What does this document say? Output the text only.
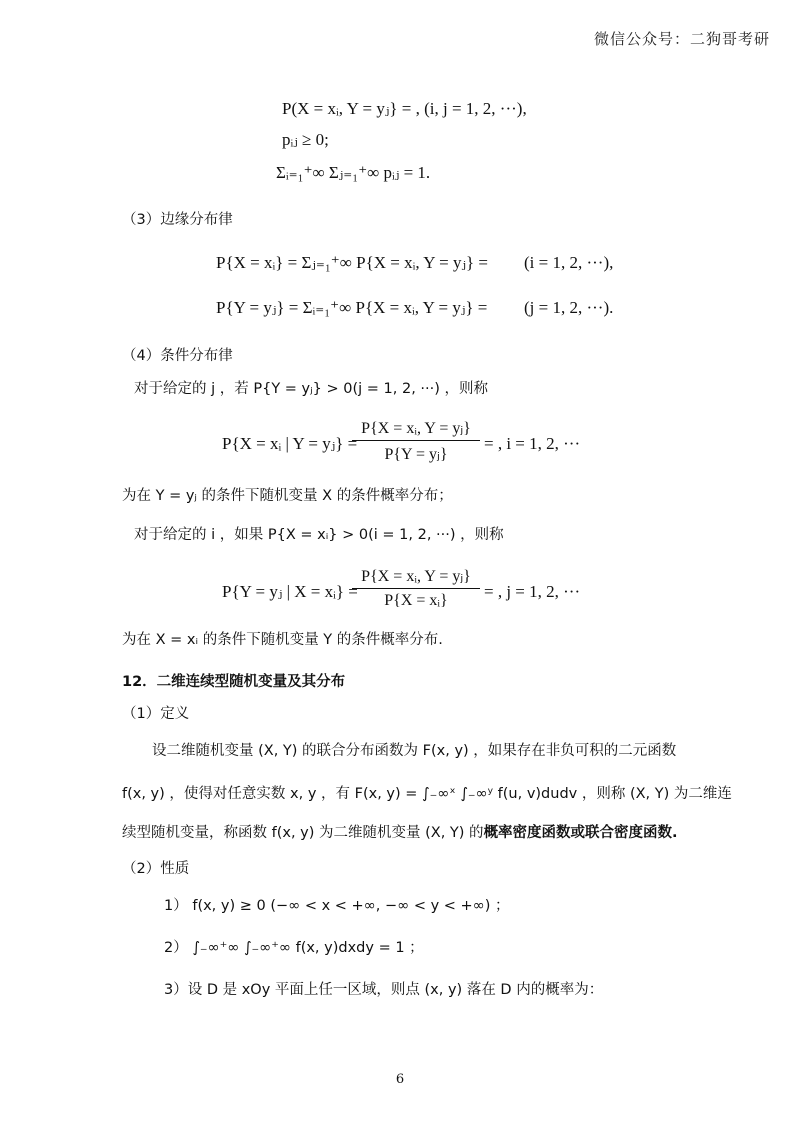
微信公众号：二狗哥考研
P(X = xᵢ, Y = yⱼ} = , (i, j = 1, 2, ···),
pᵢⱼ ≥ 0;
Σᵢ₌₁⁺∞ Σⱼ₌₁⁺∞ pᵢⱼ = 1.
（3）边缘分布律
P{X = xᵢ} = Σⱼ₌₁⁺∞ P{X = xᵢ, Y = yⱼ} = (i = 1, 2, ···),
P{Y = yⱼ} = Σᵢ₌₁⁺∞ P{X = xᵢ, Y = yⱼ} = (j = 1, 2, ···).
（4）条件分布律
对于给定的 j ，若 P{Y = yⱼ} > 0(j = 1, 2, ···) ，则称
P{X = xᵢ | Y = yⱼ} =
$\frac{\text{P\{X = xᵢ, Y = yⱼ\}}}{\text{P\{Y = yⱼ\}}}$ = , i = 1, 2, ···
为在 Y = yⱼ 的条件下随机变量 X 的条件概率分布；
对于给定的 i ，如果 P{X = xᵢ} > 0(i = 1, 2, ···) ，则称
P{Y = yⱼ | X = xᵢ} =
$\frac{\text{P\{X = xᵢ, Y = yⱼ\}}}{\text{P\{X = xᵢ\}}}$ = , j = 1, 2, ···
为在 X = xᵢ 的条件下随机变量 Y 的条件概率分布.
12．二维连续型随机变量及其分布
（1）定义
设二维随机变量 (X, Y) 的联合分布函数为 F(x, y) ，如果存在非负可积的二元函数
f(x, y) ，使得对任意实数 x, y ，有 F(x, y) = ∫₋∞ˣ ∫₋∞ʸ f(u, v)dudv ，则称 (X, Y) 为二维连
续型随机变量，称函数 f(x, y) 为二维随机变量 (X, Y) 的概率密度函数或联合密度函数.
（2）性质
1） f(x, y) ≥ 0 (−∞ < x < +∞, −∞ < y < +∞) ；
2） ∫₋∞⁺∞ ∫₋∞⁺∞ f(x, y)dxdy = 1 ；
3）设 D 是 xOy 平面上任一区域，则点 (x, y) 落在 D 内的概率为：
6
